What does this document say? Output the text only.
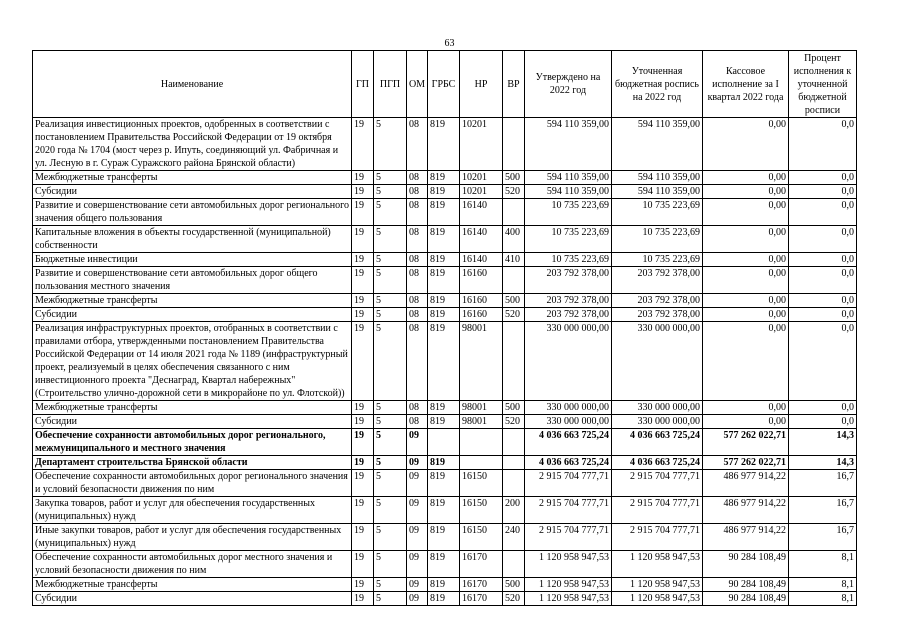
63
Наименование	ГП	ПГП	ОМ	ГРБС	НР	ВР	Утверждено на 2022 год	Уточненная бюджетная роспись на 2022 год	Кассовое исполнение за I квартал 2022 года	Процент исполнения к уточненной бюджетной росписи
Реализация инвестиционных проектов, одобренных в соответствии с постановлением Правительства Российской Федерации от 19 октября 2020 года № 1704 (мост через р. Ипуть, соединяющий ул. Фабричная и ул. Лесную в г. Сураж Суражского района Брянской области)	19	5	08	819	10201		594 110 359,00	594 110 359,00	0,00	0,0
Межбюджетные трансферты	19	5	08	819	10201	500	594 110 359,00	594 110 359,00	0,00	0,0
Субсидии	19	5	08	819	10201	520	594 110 359,00	594 110 359,00	0,00	0,0
Развитие и совершенствование сети автомобильных дорог регионального значения общего пользования	19	5	08	819	16140		10 735 223,69	10 735 223,69	0,00	0,0
Капитальные вложения в объекты государственной (муниципальной) собственности	19	5	08	819	16140	400	10 735 223,69	10 735 223,69	0,00	0,0
Бюджетные инвестиции	19	5	08	819	16140	410	10 735 223,69	10 735 223,69	0,00	0,0
Развитие и совершенствование сети автомобильных дорог общего пользования местного значения	19	5	08	819	16160		203 792 378,00	203 792 378,00	0,00	0,0
Межбюджетные трансферты	19	5	08	819	16160	500	203 792 378,00	203 792 378,00	0,00	0,0
Субсидии	19	5	08	819	16160	520	203 792 378,00	203 792 378,00	0,00	0,0
Реализация инфраструктурных проектов, отобранных в соответствии с правилами отбора, утвержденными постановлением Правительства Российской Федерации от 14 июля 2021 года № 1189 (инфраструктурный проект, реализуемый в целях обеспечения связанного с ним инвестиционного проекта "Деснаград, Квартал набережных" (Строительство улично-дорожной сети в микрорайоне по ул. Флотской))	19	5	08	819	98001		330 000 000,00	330 000 000,00	0,00	0,0
Межбюджетные трансферты	19	5	08	819	98001	500	330 000 000,00	330 000 000,00	0,00	0,0
Субсидии	19	5	08	819	98001	520	330 000 000,00	330 000 000,00	0,00	0,0
Обеспечение сохранности автомобильных дорог регионального, межмуниципального и местного значения	19	5	09				4 036 663 725,24	4 036 663 725,24	577 262 022,71	14,3
Департамент строительства Брянской области	19	5	09	819			4 036 663 725,24	4 036 663 725,24	577 262 022,71	14,3
Обеспечение сохранности автомобильных дорог регионального значения и условий безопасности движения по ним	19	5	09	819	16150		2 915 704 777,71	2 915 704 777,71	486 977 914,22	16,7
Закупка товаров, работ и услуг для обеспечения государственных (муниципальных) нужд	19	5	09	819	16150	200	2 915 704 777,71	2 915 704 777,71	486 977 914,22	16,7
Иные закупки товаров, работ и услуг для обеспечения государственных (муниципальных) нужд	19	5	09	819	16150	240	2 915 704 777,71	2 915 704 777,71	486 977 914,22	16,7
Обеспечение сохранности автомобильных дорог местного значения и условий безопасности движения по ним	19	5	09	819	16170		1 120 958 947,53	1 120 958 947,53	90 284 108,49	8,1
Межбюджетные трансферты	19	5	09	819	16170	500	1 120 958 947,53	1 120 958 947,53	90 284 108,49	8,1
Субсидии	19	5	09	819	16170	520	1 120 958 947,53	1 120 958 947,53	90 284 108,49	8,1
